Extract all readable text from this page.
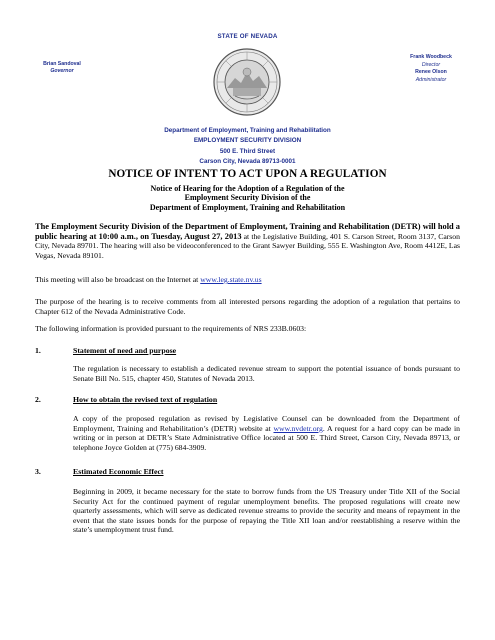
STATE OF NEVADA
Brian Sandoval
Governor
Frank Woodbeck
Director
Renee Olson
Administrator
Department of Employment, Training and Rehabilitation
EMPLOYMENT SECURITY DIVISION
500 E. Third Street
Carson City, Nevada 89713-0001
NOTICE OF INTENT TO ACT UPON A REGULATION
Notice of Hearing for the Adoption of a Regulation of the
Employment Security Division of the
Department of Employment, Training and Rehabilitation
The Employment Security Division of the Department of Employment, Training and Rehabilitation (DETR) will hold a public hearing at 10:00 a.m., on Tuesday, August 27, 2013 at the Legislative Building, 401 S. Carson Street, Room 3137, Carson City, Nevada 89701. The hearing will also be videoconferenced to the Grant Sawyer Building, 555 E. Washington Ave, Room 4412E, Las Vegas, Nevada 89101.
This meeting will also be broadcast on the Internet at www.leg.state.nv.us
The purpose of the hearing is to receive comments from all interested persons regarding the adoption of a regulation that pertains to Chapter 612 of the Nevada Administrative Code.
The following information is provided pursuant to the requirements of NRS 233B.0603:
1.	Statement of need and purpose
The regulation is necessary to establish a dedicated revenue stream to support the potential issuance of bonds pursuant to Senate Bill No. 515, chapter 450, Statutes of Nevada 2013.
2.	How to obtain the revised text of regulation
A copy of the proposed regulation as revised by Legislative Counsel can be downloaded from the Department of Employment, Training and Rehabilitation’s (DETR) website at www.nvdetr.org. A request for a hard copy can be made in writing or in person at DETR’s State Administrative Office located at 500 E. Third Street, Carson City, Nevada 89713, or telephone Joyce Golden at (775) 684-3909.
3.	Estimated Economic Effect
Beginning in 2009, it became necessary for the state to borrow funds from the US Treasury under Title XII of the Social Security Act for the continued payment of regular unemployment benefits. The proposed regulations will create new quarterly assessments, which will serve as dedicated revenue streams to provide the security and means of repayment in the event that the state issues bonds for the purpose of repaying the Title XII loan and/or reestablishing a reserve within the state’s unemployment trust fund.
